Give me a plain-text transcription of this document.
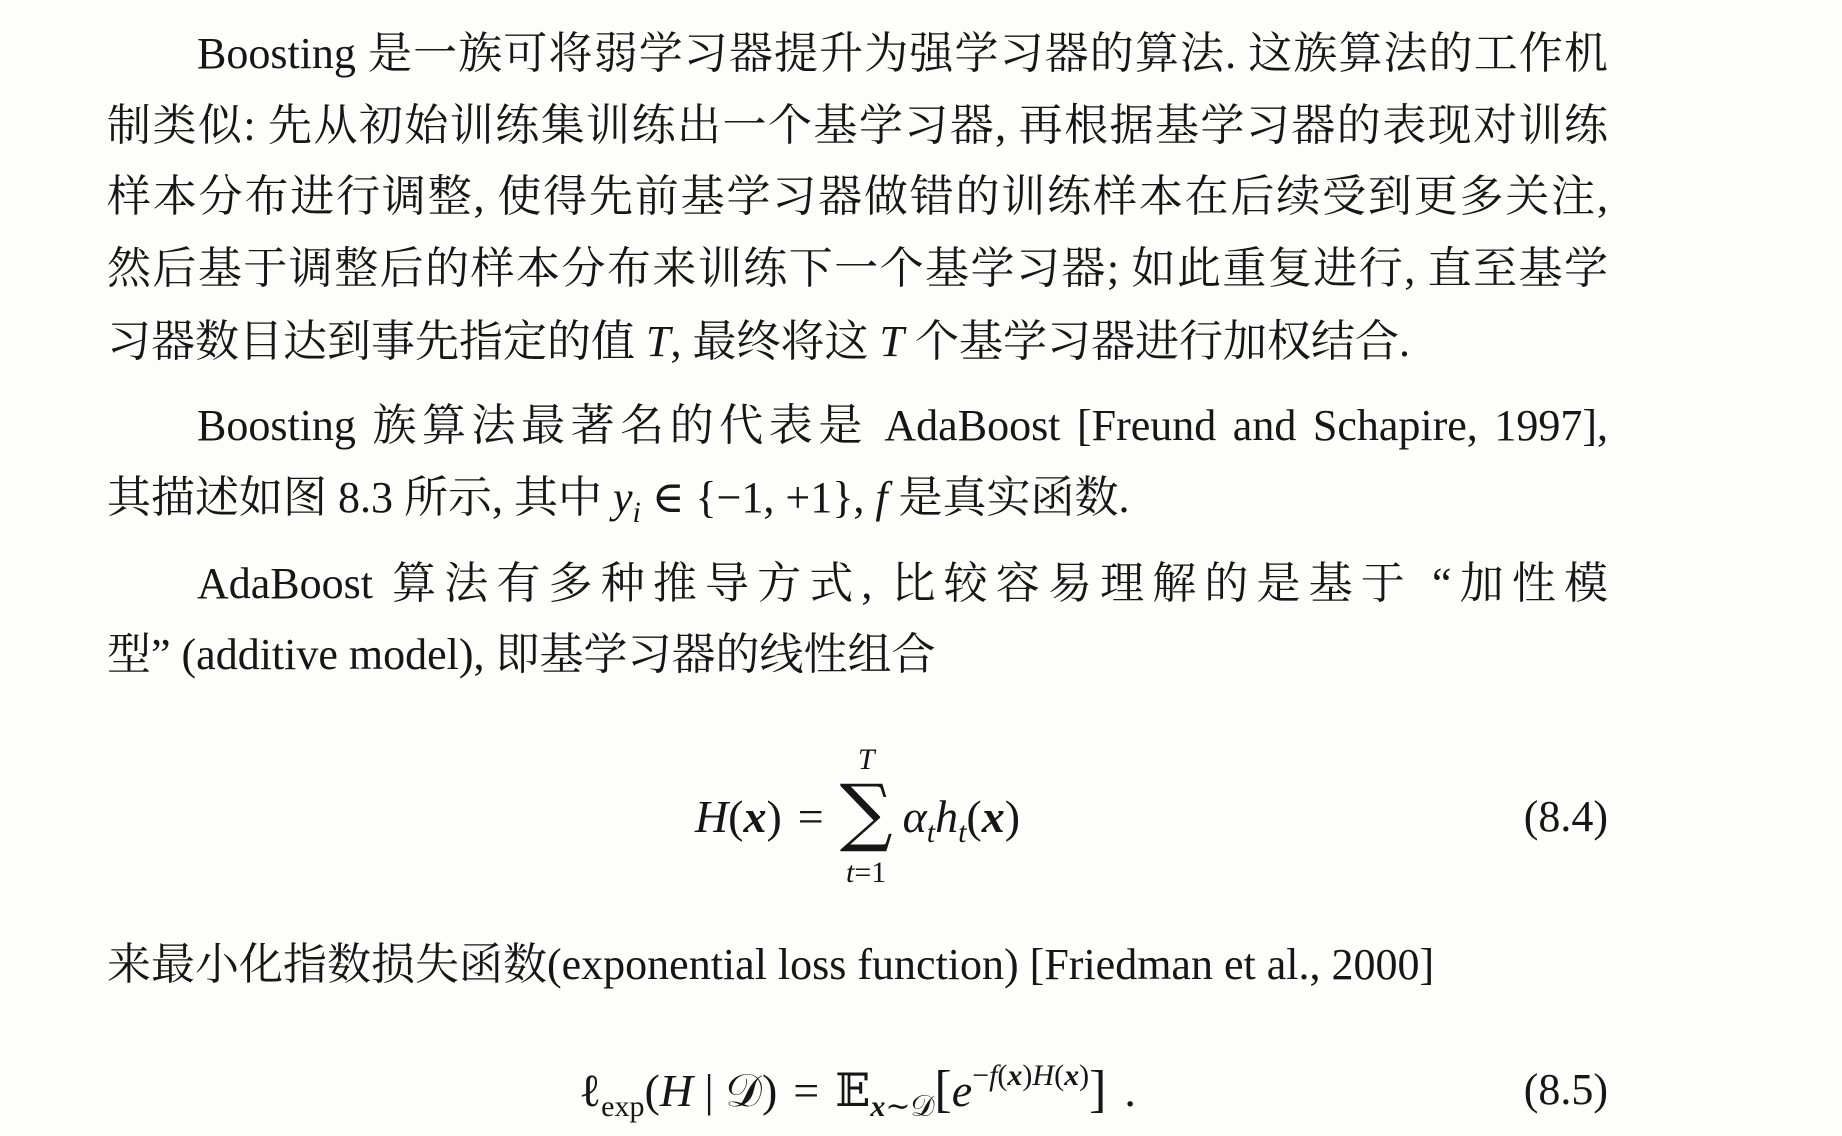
Boosting 是一族可将弱学习器提升为强学习器的算法. 这族算法的工作机
制类似: 先从初始训练集训练出一个基学习器, 再根据基学习器的表现对训练
样本分布进行调整, 使得先前基学习器做错的训练样本在后续受到更多关注,
然后基于调整后的样本分布来训练下一个基学习器; 如此重复进行, 直至基学
习器数目达到事先指定的值 T, 最终将这 T 个基学习器进行加权结合.
Boosting 族算法最著名的代表是 AdaBoost [Freund and Schapire, 1997],
其描述如图 8.3 所示, 其中 $y_i$ ∈ {−1, +1}, f 是真实函数.
AdaBoost 算法有多种推导方式, 比较容易理解的是基于 “加性模
型” (additive model), 即基学习器的线性组合
H(x) =
T
∑
t=1
$\alpha_th_t(x)$	(8.4)
来最小化指数损失函数(exponential loss function) [Friedman et al., 2000]
ℓ$_{exp}$(H | 𝒟) = $𝔼_{x\sim 𝒟}[e^{-f(x)H(x)}]$ .	(8.5)
